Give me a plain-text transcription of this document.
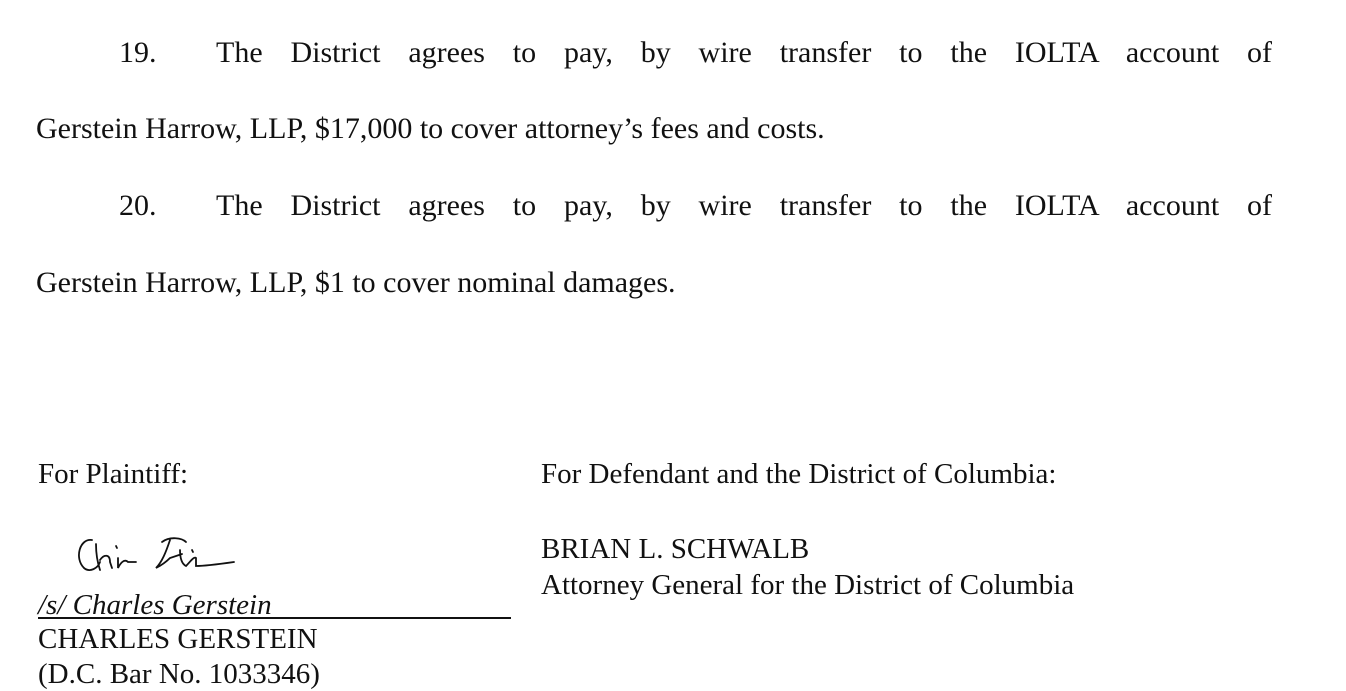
19. The District agrees to pay, by wire transfer to the IOLTA account of
Gerstein Harrow, LLP, $17,000 to cover attorney’s fees and costs.
20. The District agrees to pay, by wire transfer to the IOLTA account of
Gerstein Harrow, LLP, $1 to cover nominal damages.
For Plaintiff:
/s/ Charles Gerstein
CHARLES GERSTEIN
(D.C. Bar No. 1033346)
For Defendant and the District of Columbia:
BRIAN L. SCHWALB
Attorney General for the District of Columbia
